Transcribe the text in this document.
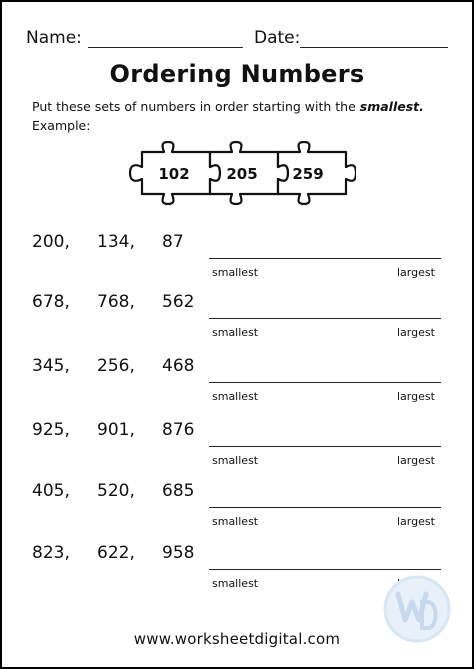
Name:	Date:
Ordering Numbers
Put these sets of numbers in order starting with the smallest.
Example:
102 205 259
200, 134, 87
smallest	largest
678, 768, 562
smallest	largest
345, 256, 468
smallest	largest
925, 901, 876
smallest	largest
405, 520, 685
smallest	largest
823, 622, 958
smallest
www.worksheetdigital.com
